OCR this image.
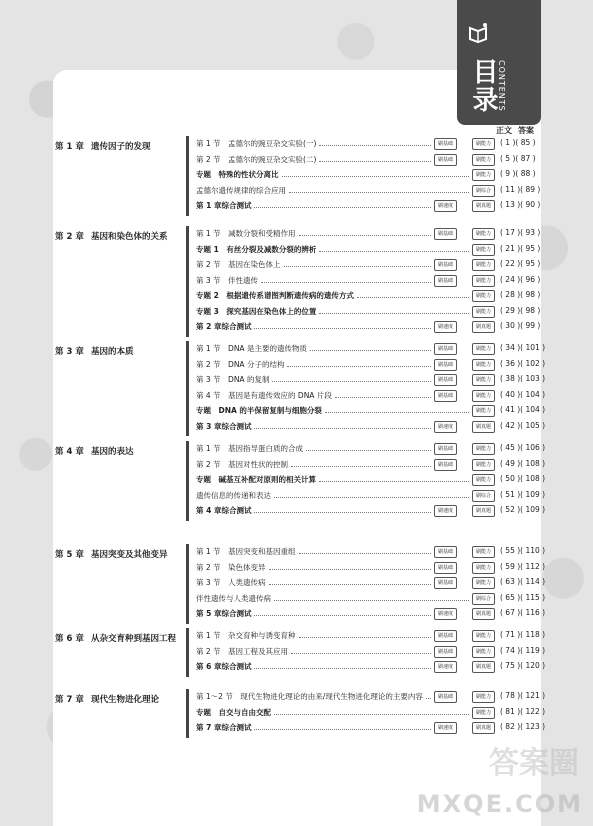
目录 CONTENTS
正文 答案
第 1 章 遗传因子的发现	第 1 节　孟德尔的豌豆杂交实验(一)	刷基础	刷能力	( 1 )( 85 )
第 2 节　孟德尔的豌豆杂交实验(二)	刷基础	刷能力	( 5 )( 87 )
专题　特殊的性状分离比	刷能力	( 9 )( 88 )
孟德尔遗传规律的综合应用	刷综合	( 11 )( 89 )
第 1 章综合测试	刷速度	刷真题	( 13 )( 90 )
第 2 章 基因和染色体的关系	第 1 节　减数分裂和受精作用	刷基础	刷能力	( 17 )( 93 )
专题 1　有丝分裂及减数分裂的辨析	刷能力	( 21 )( 95 )
第 2 节　基因在染色体上	刷基础	刷能力	( 22 )( 95 )
第 3 节　伴性遗传	刷基础	刷能力	( 24 )( 96 )
专题 2　根据遗传系谱图判断遗传病的遗传方式	刷能力	( 28 )( 98 )
专题 3　探究基因在染色体上的位置	刷能力	( 29 )( 98 )
第 2 章综合测试	刷速度	刷真题	( 30 )( 99 )
第 3 章 基因的本质	第 1 节　DNA 是主要的遗传物质	刷基础	刷能力	( 34 )( 101 )
第 2 节　DNA 分子的结构	刷基础	刷能力	( 36 )( 102 )
第 3 节　DNA 的复制	刷基础	刷能力	( 38 )( 103 )
第 4 节　基因是有遗传效应的 DNA 片段	刷基础	刷能力	( 40 )( 104 )
专题　DNA 的半保留复制与细胞分裂	刷能力	( 41 )( 104 )
第 3 章综合测试	刷速度	刷真题	( 42 )( 105 )
第 4 章 基因的表达	第 1 节　基因指导蛋白质的合成	刷基础	刷能力	( 45 )( 106 )
第 2 节　基因对性状的控制	刷基础	刷能力	( 49 )( 108 )
专题　碱基互补配对原则的相关计算	刷能力	( 50 )( 108 )
遗传信息的传递和表达	刷综合	( 51 )( 109 )
第 4 章综合测试	刷速度	刷真题	( 52 )( 109 )
第 5 章 基因突变及其他变异	第 1 节　基因突变和基因重组	刷基础	刷能力	( 55 )( 110 )
第 2 节　染色体变异	刷基础	刷能力	( 59 )( 112 )
第 3 节　人类遗传病	刷基础	刷能力	( 63 )( 114 )
伴性遗传与人类遗传病	刷综合	( 65 )( 115 )
第 5 章综合测试	刷速度	刷真题	( 67 )( 116 )
第 6 章 从杂交育种到基因工程	第 1 节　杂交育种与诱变育种	刷基础	刷能力	( 71 )( 118 )
第 2 节　基因工程及其应用	刷基础	刷能力	( 74 )( 119 )
第 6 章综合测试	刷速度	刷真题	( 75 )( 120 )
第 7 章 现代生物进化理论	第 1～2 节　现代生物进化理论的由来/现代生物进化理论的主要内容	刷基础	刷能力	( 78 )( 121 )
专题　自交与自由交配	刷能力	( 81 )( 122 )
第 7 章综合测试	刷速度	刷真题	( 82 )( 123 )
答案圈
MXQE.COM
